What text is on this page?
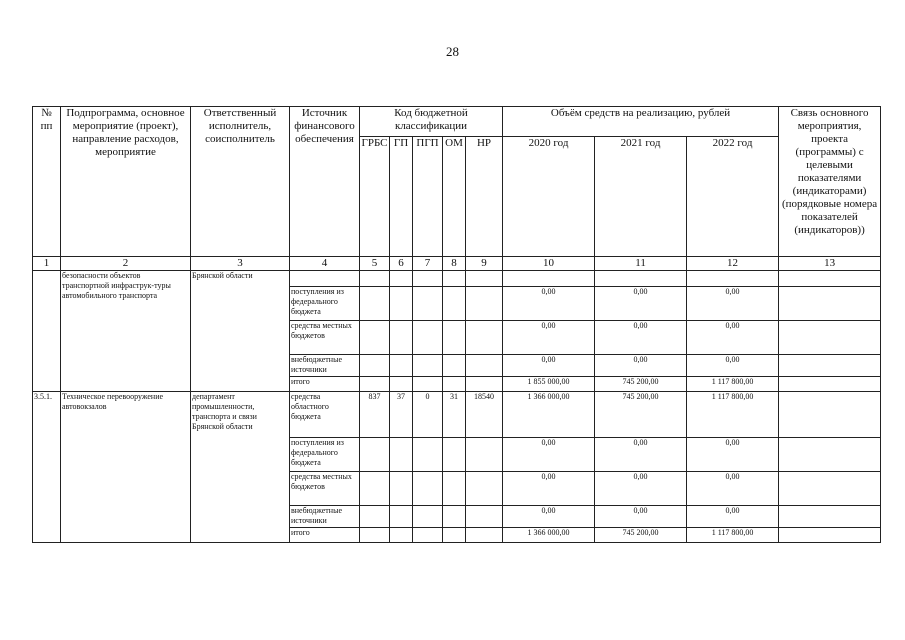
28
№ пп	Подпрограмма, основное мероприятие (проект), направление расходов, мероприятие	Ответственный исполнитель, соисполнитель	Источник финансового обеспечения	Код бюджетной классификации					Объём средств на реализацию, рублей			Связь основного мероприятия, проекта (программы) с целевыми показателями (индикаторами) (порядковые номера показателей (индикаторов))
				ГРБС	ГП	ПГП	ОМ	НР	2020 год	2021 год	2022 год	
1	2	3	4	5	6	7	8	9	10	11	12	13
	безопасности объектов транспортной инфраструк-туры автомобильного транспорта	Брянской области										
			поступления из федерального бюджета						0,00	0,00	0,00	
			средства местных бюджетов						0,00	0,00	0,00	
			внебюджетные источники						0,00	0,00	0,00	
			итого						1 855 000,00	745 200,00	1 117 800,00	
3.5.1.	Техническое перевооружение автовокзалов	департамент промышленности, транспорта и связи Брянской области	средства областного бюджета	837	37	0	31	18540	1 366 000,00	745 200,00	1 117 800,00	
			поступления из федерального бюджета						0,00	0,00	0,00	
			средства местных бюджетов						0,00	0,00	0,00	
			внебюджетные источники						0,00	0,00	0,00	
			итого						1 366 000,00	745 200,00	1 117 800,00	
